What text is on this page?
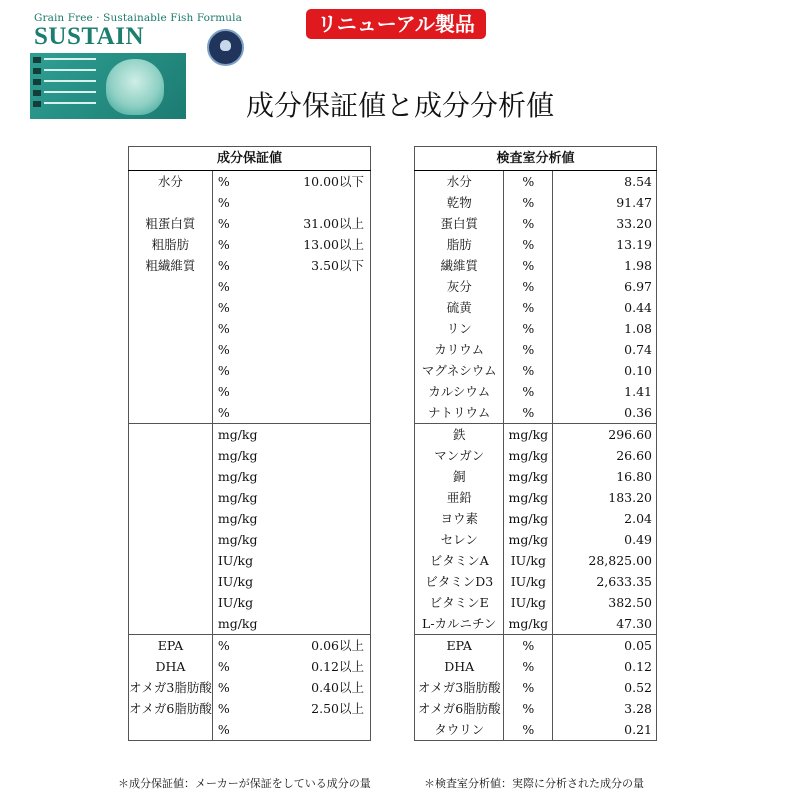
Grain Free · Sustainable Fish Formula
SUSTAIN	リニューアル製品
成分保証値と成分分析値
成分保証値		
水分	%	10.00以下
	%	
粗蛋白質	%	31.00以上
粗脂肪	%	13.00以上
粗繊維質	%	3.50以下
	%	
	%	
	%	
	%	
	%	
	%	
	%	
	mg/kg	
	mg/kg	
	mg/kg	
	mg/kg	
	mg/kg	
	mg/kg	
	IU/kg	
	IU/kg	
	IU/kg	
	mg/kg	
EPA	%	0.06以上
DHA	%	0.12以上
オメガ3脂肪酸	%	0.40以上
オメガ6脂肪酸	%	2.50以上
	%	
検査室分析値		
水分	%	8.54
乾物	%	91.47
蛋白質	%	33.20
脂肪	%	13.19
繊維質	%	1.98
灰分	%	6.97
硫黄	%	0.44
リン	%	1.08
カリウム	%	0.74
マグネシウム	%	0.10
カルシウム	%	1.41
ナトリウム	%	0.36
鉄	mg/kg	296.60
マンガン	mg/kg	26.60
銅	mg/kg	16.80
亜鉛	mg/kg	183.20
ヨウ素	mg/kg	2.04
セレン	mg/kg	0.49
ビタミンA	IU/kg	28,825.00
ビタミンD3	IU/kg	2,633.35
ビタミンE	IU/kg	382.50
L-カルニチン	mg/kg	47.30
EPA	%	0.05
DHA	%	0.12
オメガ3脂肪酸	%	0.52
オメガ6脂肪酸	%	3.28
タウリン	%	0.21
＊成分保証値：メーカーが保証をしている成分の量	＊検査室分析値：実際に分析された成分の量
